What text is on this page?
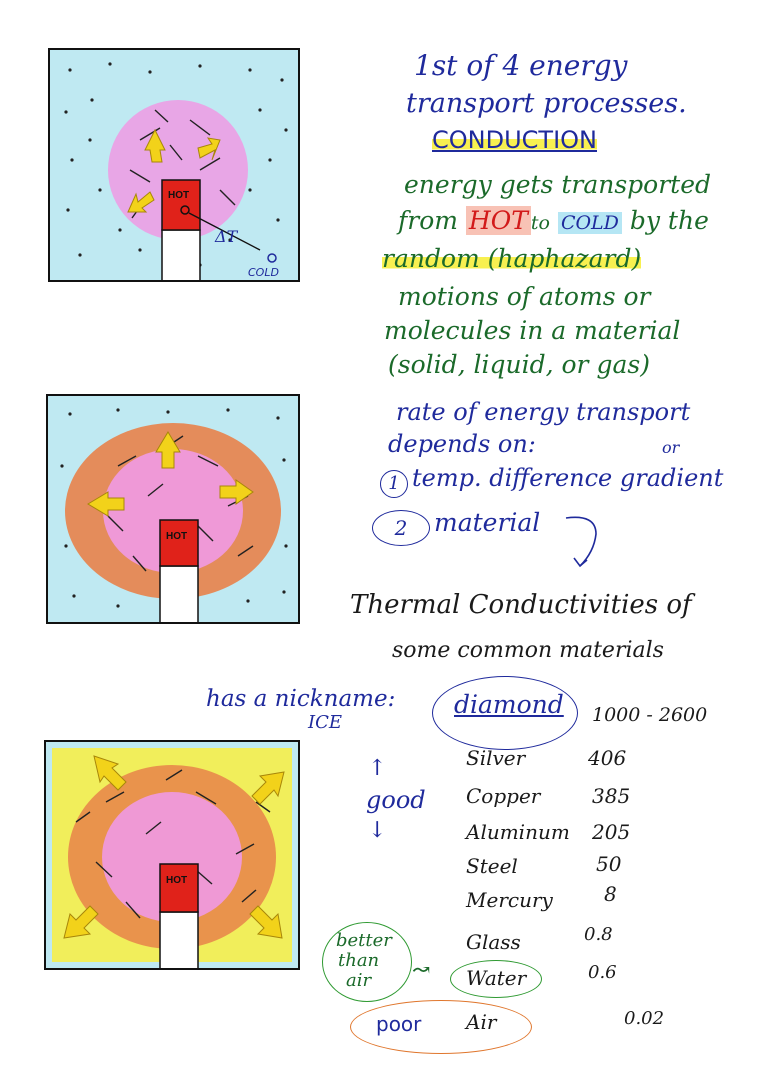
HOT
ΔT
COLD
HOT
HOT
1st of 4 energy
transport processes.
CONDUCTION
energy gets transported
from HOT to COLD by the
random (haphazard)
motions of atoms or
molecules in a material
(solid, liquid, or gas)
rate of energy transport
depends on:	or
1 temp. difference gradient
2	material
Thermal Conductivities of
some common materials
has a nickname:
ICE
diamond 1000 - 2600
↑
good
↓
Silver	406
Copper	385
Aluminum 205
Steel	50
Mercury	8
Glass	0.8
better
than
air ↝ Water	0.6
poor Air	0.02
